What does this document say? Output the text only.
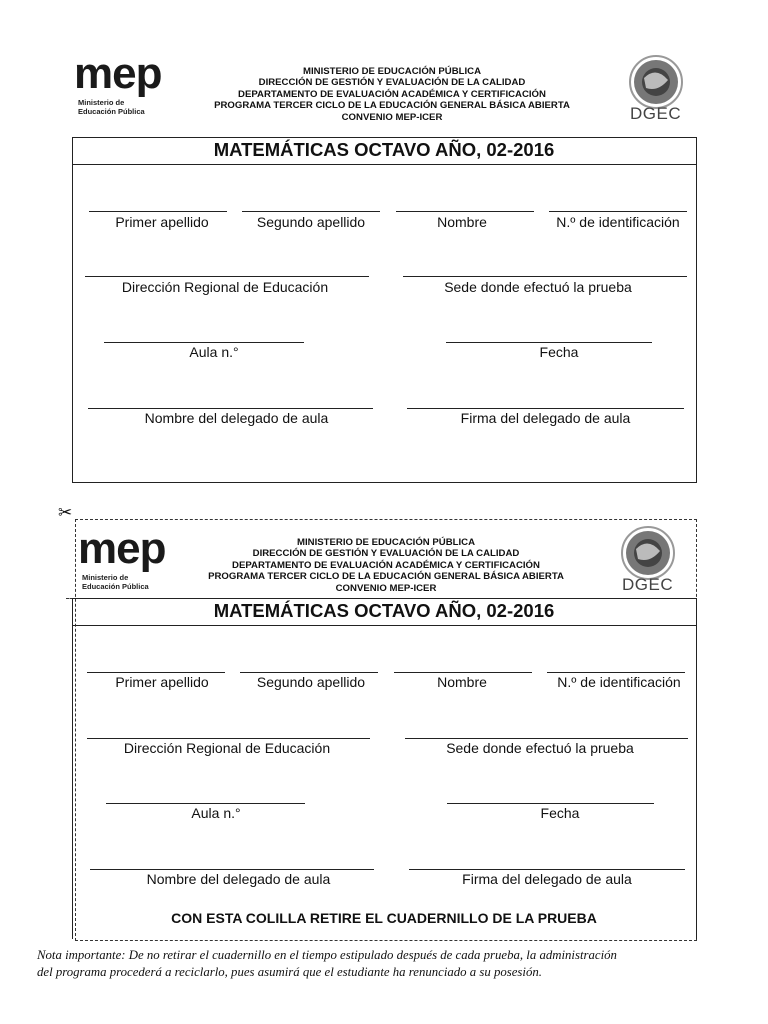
mep
Ministerio de
Educación Pública
MINISTERIO DE EDUCACIÓN PÚBLICA
DIRECCIÓN DE GESTIÓN Y EVALUACIÓN DE LA CALIDAD
DEPARTAMENTO DE EVALUACIÓN ACADÉMICA Y CERTIFICACIÓN
PROGRAMA TERCER CICLO DE LA EDUCACIÓN GENERAL BÁSICA ABIERTA
CONVENIO MEP-ICER	DGEC
MATEMÁTICAS OCTAVO AÑO, 02-2016
Primer apellido	Segundo apellido	Nombre	N.º de identificación
Dirección Regional de Educación	Sede donde efectuó la prueba
Aula n.°	Fecha
Nombre del delegado de aula	Firma del delegado de aula
✂
mep
Ministerio de
Educación Pública
MINISTERIO DE EDUCACIÓN PÚBLICA
DIRECCIÓN DE GESTIÓN Y EVALUACIÓN DE LA CALIDAD
DEPARTAMENTO DE EVALUACIÓN ACADÉMICA Y CERTIFICACIÓN
PROGRAMA TERCER CICLO DE LA EDUCACIÓN GENERAL BÁSICA ABIERTA
CONVENIO MEP-ICER	DGEC
MATEMÁTICAS OCTAVO AÑO, 02-2016
Primer apellido	Segundo apellido	Nombre	N.º de identificación
Dirección Regional de Educación	Sede donde efectuó la prueba
Aula n.°	Fecha
Nombre del delegado de aula	Firma del delegado de aula
CON ESTA COLILLA RETIRE EL CUADERNILLO DE LA PRUEBA
Nota importante: De no retirar el cuadernillo en el tiempo estipulado después de cada prueba, la administración
del programa procederá a reciclarlo, pues asumirá que el estudiante ha renunciado a su posesión.
